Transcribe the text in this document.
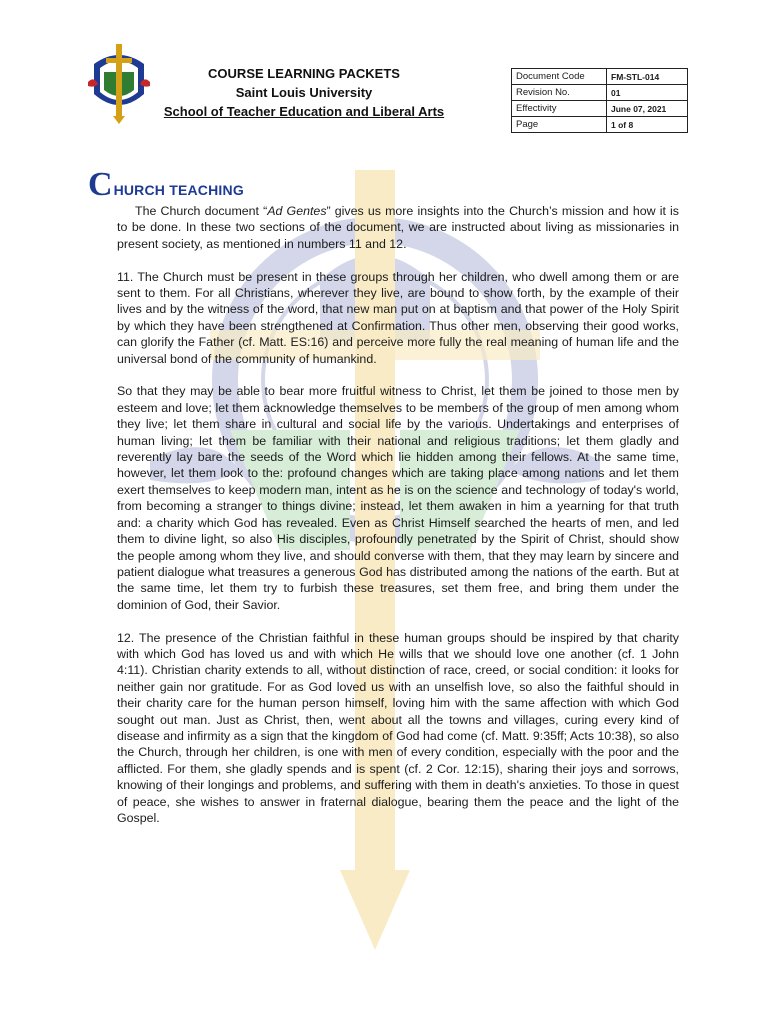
COURSE LEARNING PACKETS
Saint Louis University
School of Teacher Education and Liberal Arts
Document Code	FM-STL-014
Revision No.	01
Effectivity	June 07, 2021
Page	1 of 8
C HURCH TEACHING

The Church document “Ad Gentes” gives us more insights into the Church’s mission and how it is to be done. In these two sections of the document, we are instructed about living as missionaries in present society, as mentioned in numbers 11 and 12.

11. The Church must be present in these groups through her children, who dwell among them or are sent to them. For all Christians, wherever they live, are bound to show forth, by the example of their lives and by the witness of the word, that new man put on at baptism and that power of the Holy Spirit by which they have been strengthened at Confirmation. Thus other men, observing their good works, can glorify the Father (cf. Matt. ES:16) and perceive more fully the real meaning of human life and the universal bond of the community of humankind.

So that they may be able to bear more fruitful witness to Christ, let them be joined to those men by esteem and love; let them acknowledge themselves to be members of the group of men among whom they live; let them share in cultural and social life by the various. Undertakings and enterprises of human living; let them be familiar with their national and religious traditions; let them gladly and reverently lay bare the seeds of the Word which lie hidden among their fellows. At the same time, however, let them look to the: profound changes which are taking place among nations and let them exert themselves to keep modern man, intent as he is on the science and technology of today's world, from becoming a stranger to things divine; instead, let them awaken in him a yearning for that truth and: a charity which God has revealed. Even as Christ Himself searched the hearts of men, and led them to divine light, so also His disciples, profoundly penetrated by the Spirit of Christ, should show the people among whom they live, and should converse with them, that they may learn by sincere and patient dialogue what treasures a generous God has distributed among the nations of the earth. But at the same time, let them try to furbish these treasures, set them free, and bring them under the dominion of God, their Savior.

12. The presence of the Christian faithful in these human groups should be inspired by that charity with which God has loved us and with which He wills that we should love one another (cf. 1 John 4:11). Christian charity extends to all, without distinction of race, creed, or social condition: it looks for neither gain nor gratitude. For as God loved us with an unselfish love, so also the faithful should in their charity care for the human person himself, loving him with the same affection with which God sought out man. Just as Christ, then, went about all the towns and villages, curing every kind of disease and infirmity as a sign that the kingdom of God had come (cf. Matt. 9:35ff; Acts 10:38), so also the Church, through her children, is one with men of every condition, especially with the poor and the afflicted. For them, she gladly spends and is spent (cf. 2 Cor. 12:15), sharing their joys and sorrows, knowing of their longings and problems, and suffering with them in death's anxieties. To those in quest of peace, she wishes to answer in fraternal dialogue, bearing them the peace and the light of the Gospel.
